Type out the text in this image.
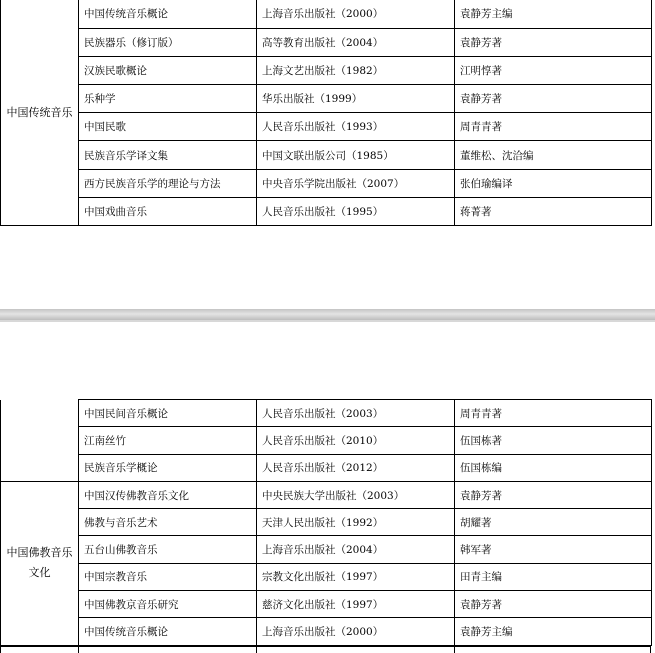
中国传统音乐	中国传统音乐概论	上海音乐出版社（2000）	袁静芳主编
	民族器乐（修订版）	高等教育出版社（2004）	袁静芳著
	汉族民歌概论	上海文艺出版社（1982）	江明惇著
	乐种学	华乐出版社（1999）	袁静芳著
	中国民歌	人民音乐出版社（1993）	周青青著
	民族音乐学译文集	中国文联出版公司（1985）	董维松、沈洽编
	西方民族音乐学的理论与方法	中央音乐学院出版社（2007）	张伯瑜编译
	中国戏曲音乐	人民音乐出版社（1995）	蒋菁著
	中国民间音乐概论	人民音乐出版社（2003）	周青青著
	江南丝竹	人民音乐出版社（2010）	伍国栋著
	民族音乐学概论	人民音乐出版社（2012）	伍国栋编
中国佛教音乐文化	中国汉传佛教音乐文化	中央民族大学出版社（2003）	袁静芳著
	佛教与音乐艺术	天津人民出版社（1992）	胡耀著
	五台山佛教音乐	上海音乐出版社（2004）	韩军著
	中国宗教音乐	宗教文化出版社（1997）	田青主编
	中国佛教京音乐研究	慈济文化出版社（1997）	袁静芳著
	中国传统音乐概论	上海音乐出版社（2000）	袁静芳主编
